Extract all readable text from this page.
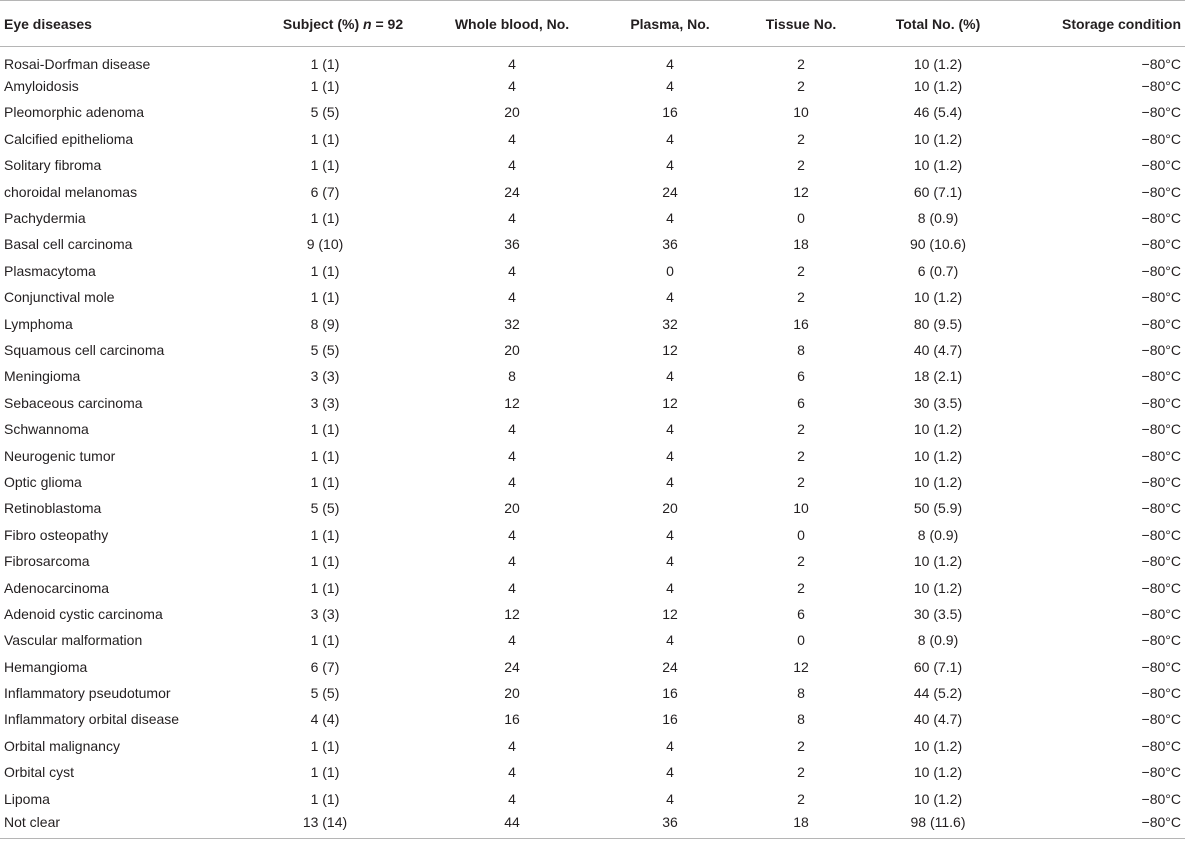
Eye diseases	Subject (%) n = 92	Whole blood, No.	Plasma, No.	Tissue No.	Total No. (%)	Storage condition
Rosai-Dorfman disease	1 (1)	4	4	2	10 (1.2)	−80°C
Amyloidosis	1 (1)	4	4	2	10 (1.2)	−80°C
Pleomorphic adenoma	5 (5)	20	16	10	46 (5.4)	−80°C
Calcified epithelioma	1 (1)	4	4	2	10 (1.2)	−80°C
Solitary fibroma	1 (1)	4	4	2	10 (1.2)	−80°C
choroidal melanomas	6 (7)	24	24	12	60 (7.1)	−80°C
Pachydermia	1 (1)	4	4	0	8 (0.9)	−80°C
Basal cell carcinoma	9 (10)	36	36	18	90 (10.6)	−80°C
Plasmacytoma	1 (1)	4	0	2	6 (0.7)	−80°C
Conjunctival mole	1 (1)	4	4	2	10 (1.2)	−80°C
Lymphoma	8 (9)	32	32	16	80 (9.5)	−80°C
Squamous cell carcinoma	5 (5)	20	12	8	40 (4.7)	−80°C
Meningioma	3 (3)	8	4	6	18 (2.1)	−80°C
Sebaceous carcinoma	3 (3)	12	12	6	30 (3.5)	−80°C
Schwannoma	1 (1)	4	4	2	10 (1.2)	−80°C
Neurogenic tumor	1 (1)	4	4	2	10 (1.2)	−80°C
Optic glioma	1 (1)	4	4	2	10 (1.2)	−80°C
Retinoblastoma	5 (5)	20	20	10	50 (5.9)	−80°C
Fibro osteopathy	1 (1)	4	4	0	8 (0.9)	−80°C
Fibrosarcoma	1 (1)	4	4	2	10 (1.2)	−80°C
Adenocarcinoma	1 (1)	4	4	2	10 (1.2)	−80°C
Adenoid cystic carcinoma	3 (3)	12	12	6	30 (3.5)	−80°C
Vascular malformation	1 (1)	4	4	0	8 (0.9)	−80°C
Hemangioma	6 (7)	24	24	12	60 (7.1)	−80°C
Inflammatory pseudotumor	5 (5)	20	16	8	44 (5.2)	−80°C
Inflammatory orbital disease	4 (4)	16	16	8	40 (4.7)	−80°C
Orbital malignancy	1 (1)	4	4	2	10 (1.2)	−80°C
Orbital cyst	1 (1)	4	4	2	10 (1.2)	−80°C
Lipoma	1 (1)	4	4	2	10 (1.2)	−80°C
Not clear	13 (14)	44	36	18	98 (11.6)	−80°C
